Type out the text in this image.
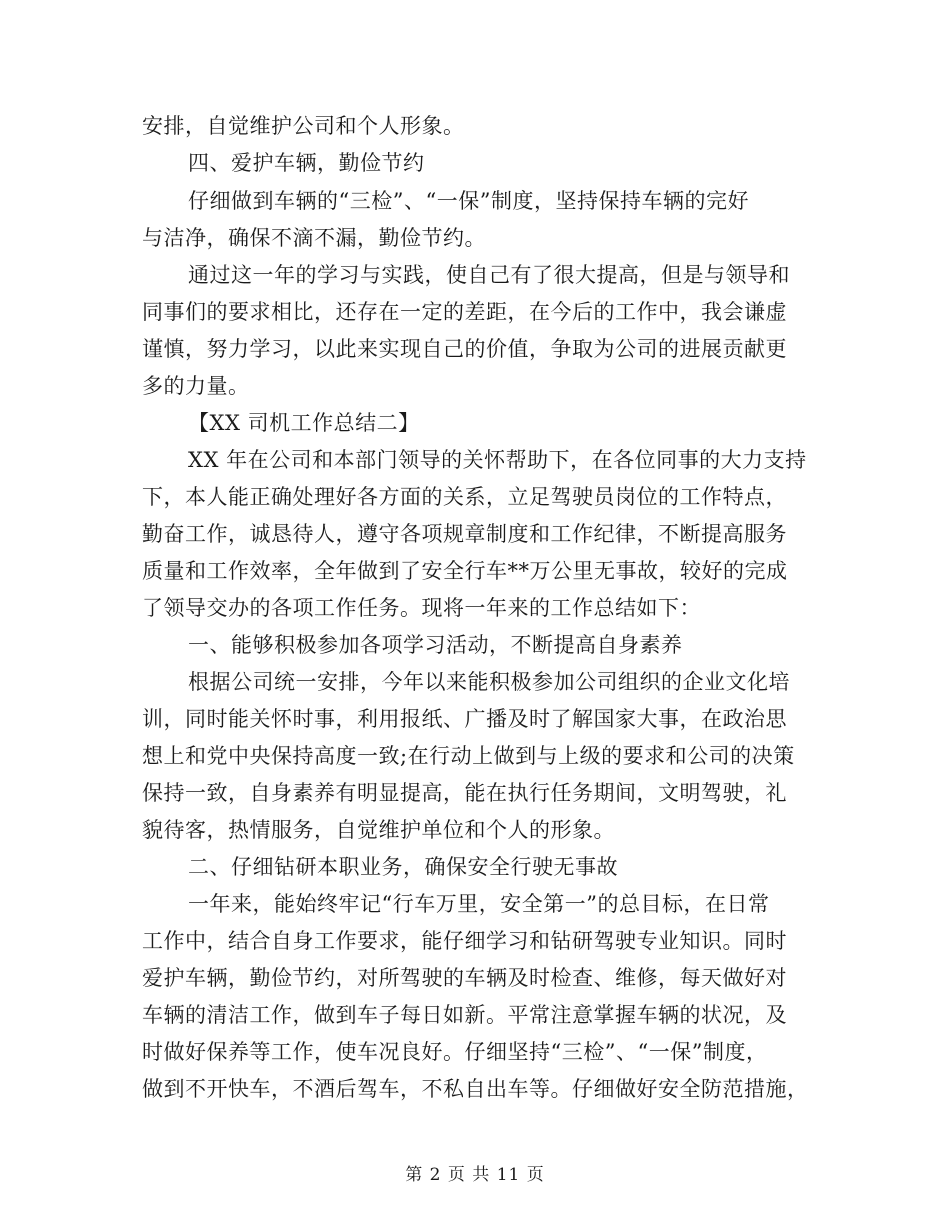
安排，自觉维护公司和个人形象。
四、爱护车辆，勤俭节约
仔细做到车辆的“三检”、“一保”制度，坚持保持车辆的完好
与洁净，确保不滴不漏，勤俭节约。
通过这一年的学习与实践，使自己有了很大提高，但是与领导和
同事们的要求相比，还存在一定的差距，在今后的工作中，我会谦虚
谨慎，努力学习，以此来实现自己的价值，争取为公司的进展贡献更
多的力量。
【XX 司机工作总结二】
XX 年在公司和本部门领导的关怀帮助下，在各位同事的大力支持
下，本人能正确处理好各方面的关系，立足驾驶员岗位的工作特点，
勤奋工作，诚恳待人，遵守各项规章制度和工作纪律，不断提高服务
质量和工作效率，全年做到了安全行车**万公里无事故，较好的完成
了领导交办的各项工作任务。现将一年来的工作总结如下：
一、能够积极参加各项学习活动，不断提高自身素养
根据公司统一安排，今年以来能积极参加公司组织的企业文化培
训，同时能关怀时事，利用报纸、广播及时了解国家大事，在政治思
想上和党中央保持高度一致;在行动上做到与上级的要求和公司的决策
保持一致，自身素养有明显提高，能在执行任务期间，文明驾驶，礼
貌待客，热情服务，自觉维护单位和个人的形象。
二、仔细钻研本职业务，确保安全行驶无事故
一年来，能始终牢记“行车万里，安全第一”的总目标，在日常
工作中，结合自身工作要求，能仔细学习和钻研驾驶专业知识。同时
爱护车辆，勤俭节约，对所驾驶的车辆及时检查、维修，每天做好对
车辆的清洁工作，做到车子每日如新。平常注意掌握车辆的状况，及
时做好保养等工作，使车况良好。仔细坚持“三检”、“一保”制度，
做到不开快车，不酒后驾车，不私自出车等。仔细做好安全防范措施，
第 2 页 共 11 页
